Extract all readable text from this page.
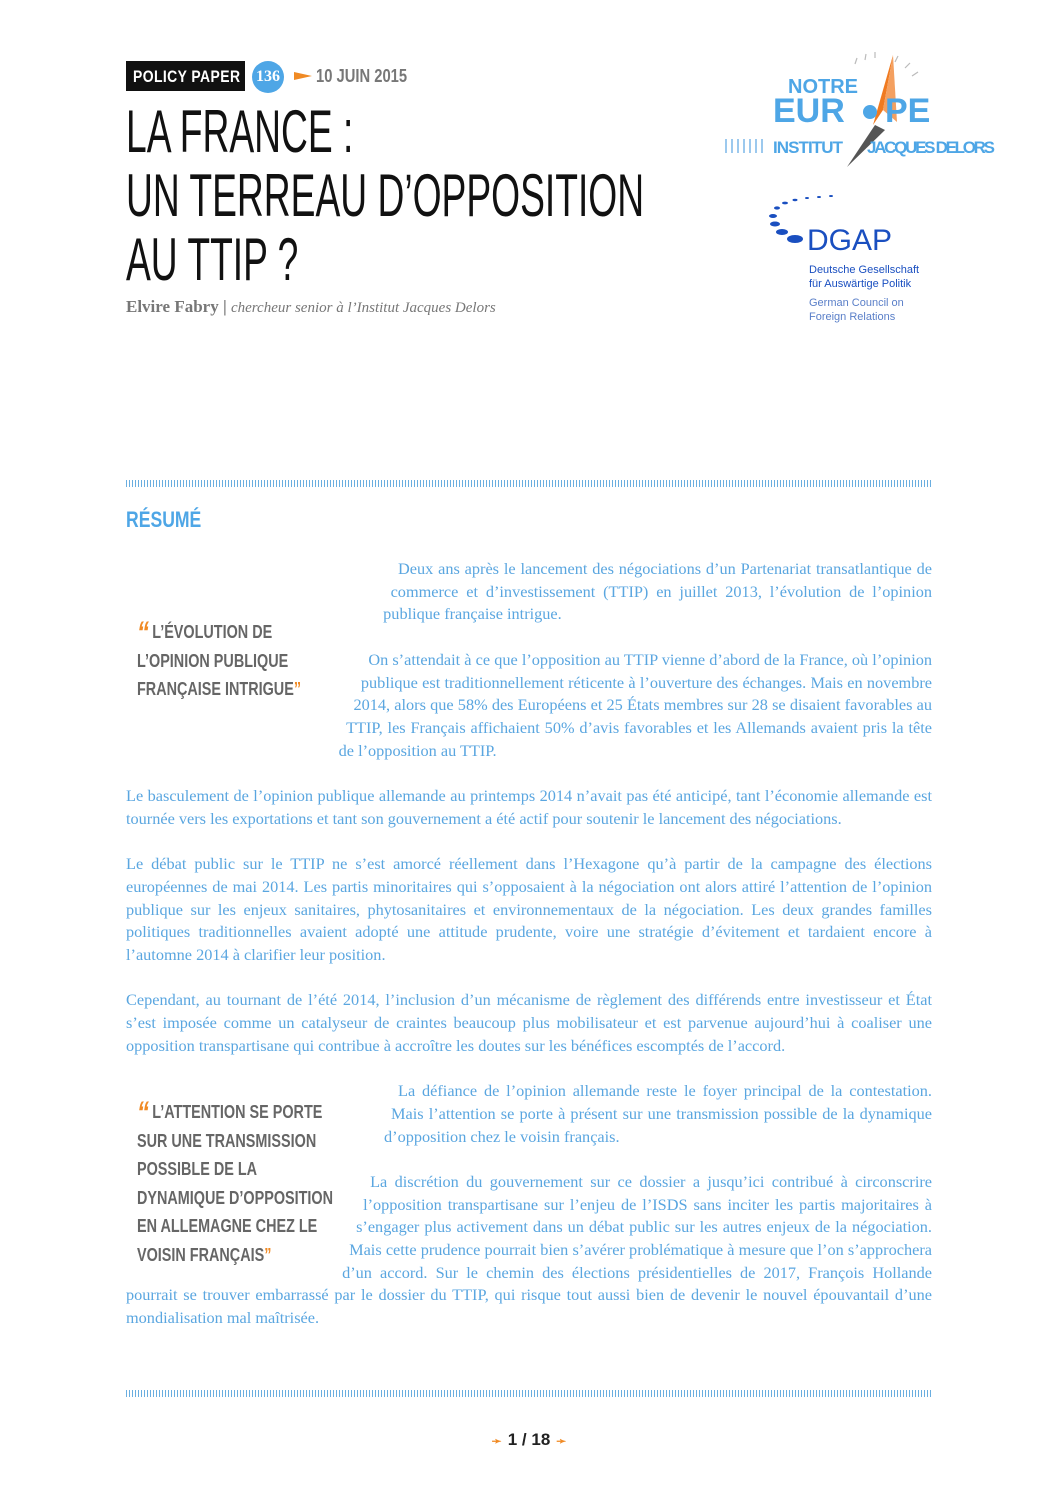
POLICY PAPER 136 10 JUIN 2015
LA FRANCE :
UN TERREAU D’OPPOSITION
AU TTIP ?
Elvire Fabry | chercheur senior à l’Institut Jacques Delors
NOTRE
EUR PE
INSTITUT JACQUES DELORS
DGAP
Deutsche Gesellschaft
für Auswärtige Politik
German Council on
Foreign Relations
RÉSUMÉ
“ L’ÉVOLUTION DE
L’OPINION PUBLIQUE
FRANÇAISE INTRIGUE”

Deux ans après le lancement des négociations d’un Partenariat transatlantique de commerce et d’investissement (TTIP) en juillet 2013, l’évolution de l’opinion publique française intrigue.

On s’attendait à ce que l’opposition au TTIP vienne d’abord de la France, où l’opinion publique est traditionnellement réticente à l’ouverture des échanges. Mais en novembre 2014, alors que 58% des Européens et 25 États membres sur 28 se disaient favorables au TTIP, les Français affichaient 50% d’avis favorables et les Allemands avaient pris la tête de l’opposition au TTIP.

Le basculement de l’opinion publique allemande au printemps 2014 n’avait pas été anticipé, tant l’économie allemande est tournée vers les exportations et tant son gouvernement a été actif pour soutenir le lancement des négociations.

Le débat public sur le TTIP ne s’est amorcé réellement dans l’Hexagone qu’à partir de la campagne des élections européennes de mai 2014. Les partis minoritaires qui s’opposaient à la négociation ont alors attiré l’attention de l’opinion publique sur les enjeux sanitaires, phytosanitaires et environnementaux de la négociation. Les deux grandes familles politiques traditionnelles avaient adopté une attitude prudente, voire une stratégie d’évitement et tardaient encore à l’automne 2014 à clarifier leur position.

Cependant, au tournant de l’été 2014, l’inclusion d’un mécanisme de règlement des différends entre investisseur et État s’est imposée comme un catalyseur de craintes beaucoup plus mobilisateur et est parvenue aujourd’hui à coaliser une opposition transpartisane qui contribue à accroître les doutes sur les bénéfices escomptés de l’accord.

“ L’ATTENTION SE PORTE
SUR UNE TRANSMISSION
POSSIBLE DE LA
DYNAMIQUE D’OPPOSITION
EN ALLEMAGNE CHEZ LE
VOISIN FRANÇAIS”

La défiance de l’opinion allemande reste le foyer principal de la contestation. Mais l’attention se porte à présent sur une transmission possible de la dynamique d’opposition chez le voisin français.

La discrétion du gouvernement sur ce dossier a jusqu’ici contribué à circonscrire l’opposition transpartisane sur l’enjeu de l’ISDS sans inciter les partis majoritaires à s’engager plus activement dans un débat public sur les autres enjeux de la négociation. Mais cette prudence pourrait bien s’avérer problématique à mesure que l’on s’approchera d’un accord. Sur le chemin des élections présidentielles de 2017, François Hollande pourrait se trouver embarrassé par le dossier du TTIP, qui risque tout aussi bien de devenir le nouvel épouvantail d’une mondialisation mal maîtrisée.

➛ 1 / 18 ➛
